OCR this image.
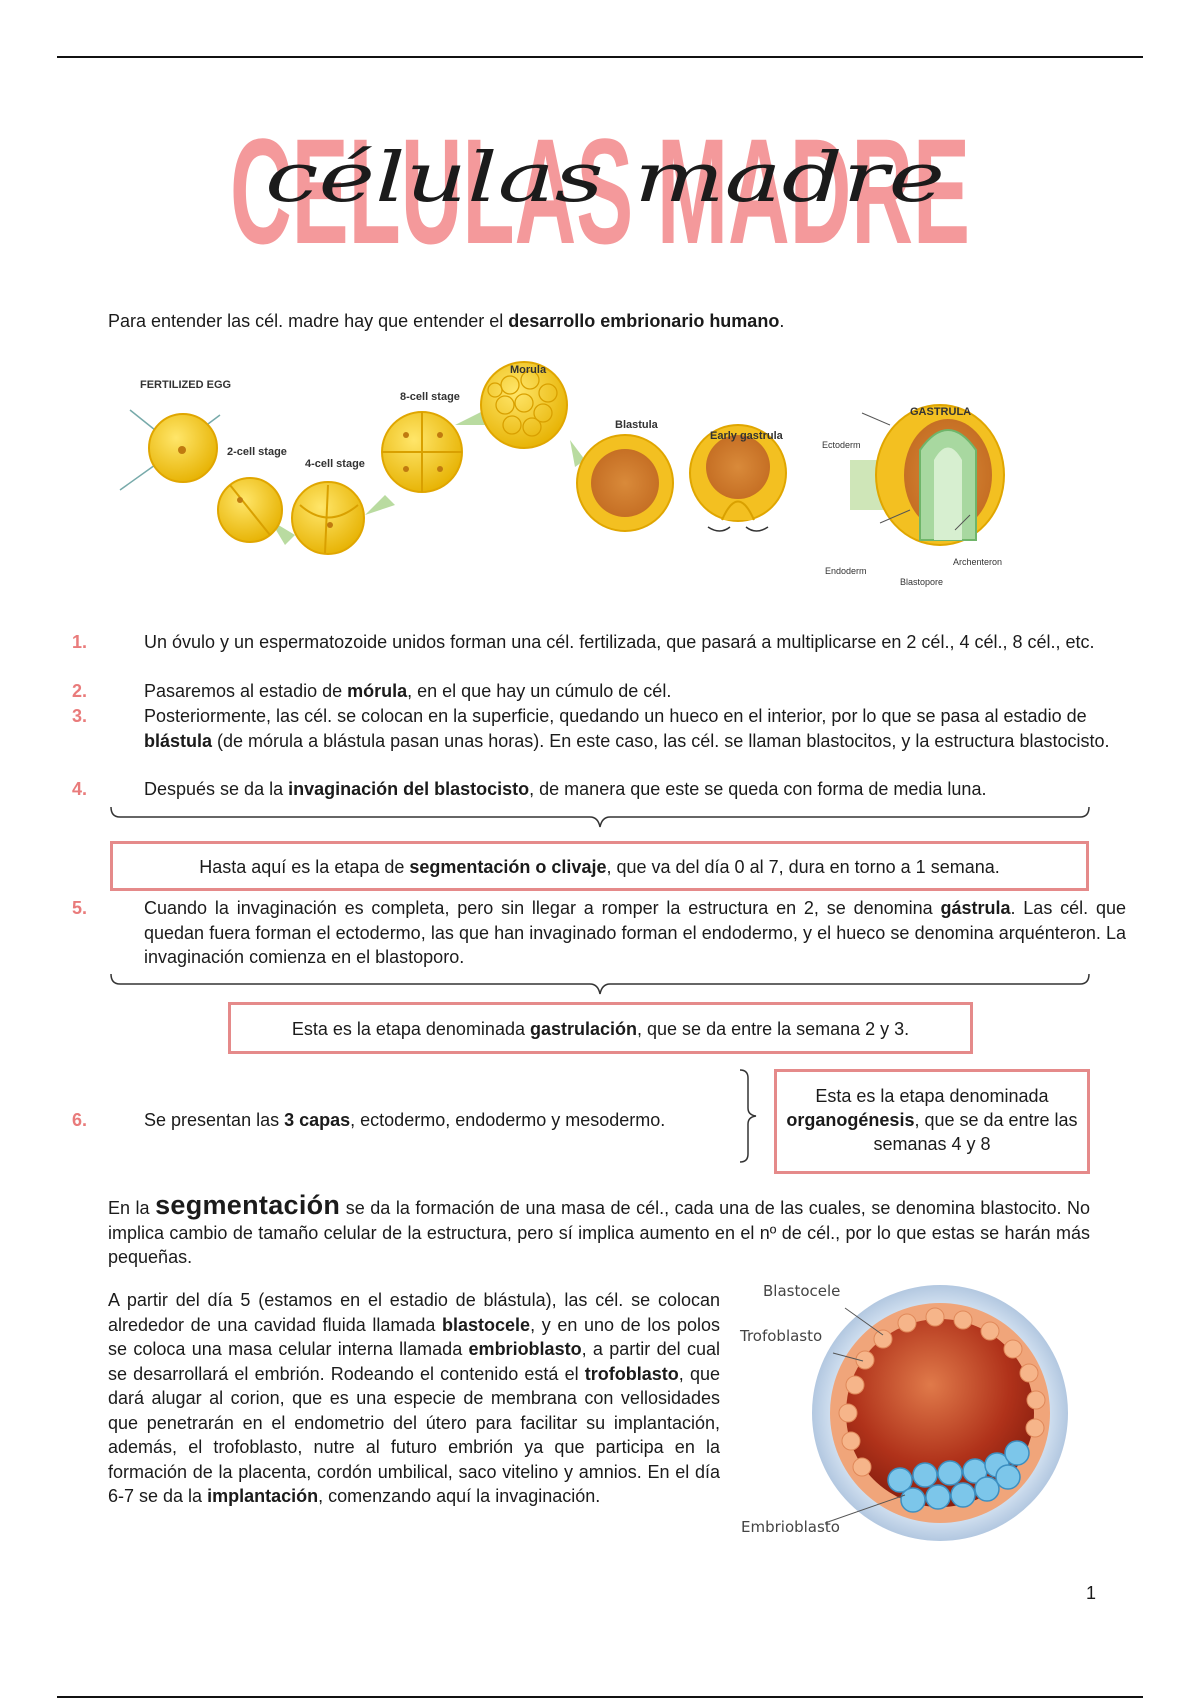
CELULAS MADRE
células madre
Para entender las cél. madre hay que entender el desarrollo embrionario humano.
FERTILIZED EGG
2-cell stage
4-cell stage
8-cell stage
Morula
Blastula
Early gastrula
GASTRULA
Ectoderm
Endoderm
Archenteron
Blastopore
1.	Un óvulo y un espermatozoide unidos forman una cél. fertilizada, que pasará a multiplicarse en 2 cél., 4 cél., 8 cél., etc.
2.	Pasaremos al estadio de mórula, en el que hay un cúmulo de cél.
3.	Posteriormente, las cél. se colocan en la superficie, quedando un hueco en el interior, por lo que se pasa al estadio de blástula (de mórula a blástula pasan unas horas). En este caso, las cél. se llaman blastocitos, y la estructura blastocisto.
4.	Después se da la invaginación del blastocisto, de manera que este se queda con forma de media luna.
Hasta aquí es la etapa de segmentación o clivaje, que va del día 0 al 7, dura en torno a 1 semana.
5.	Cuando la invaginación es completa, pero sin llegar a romper la estructura en 2, se denomina gástrula. Las cél. que quedan fuera forman el ectodermo, las que han invaginado forman el endodermo, y el hueco se denomina arquénteron. La invaginación comienza en el blastoporo.
Esta es la etapa denominada gastrulación, que se da entre la semana 2 y 3.
6.	Se presentan las 3 capas, ectodermo, endodermo y mesodermo.
Esta es la etapa denominada
organogénesis, que se da entre las semanas 4 y 8
En la segmentación se da la formación de una masa de cél., cada una de las cuales, se denomina blastocito. No implica cambio de tamaño celular de la estructura, pero sí implica aumento en el nº de cél., por lo que estas se harán más pequeñas.
A partir del día 5 (estamos en el estadio de blástula), las cél. se colocan alrededor de una cavidad fluida llamada blastocele, y en uno de los polos se coloca una masa celular interna llamada embrioblasto, a partir del cual se desarrollará el embrión. Rodeando el contenido está el trofoblasto, que dará alugar al corion, que es una especie de membrana con vellosidades que penetrarán en el endometrio del útero para facilitar su implantación, además, el trofoblasto, nutre al futuro embrión ya que participa en la formación de la placenta, cordón umbilical, saco vitelino y amnios. En el día 6-7 se da la implantación, comenzando aquí la invaginación.
Blastocele
Trofoblasto
Embrioblasto
1
